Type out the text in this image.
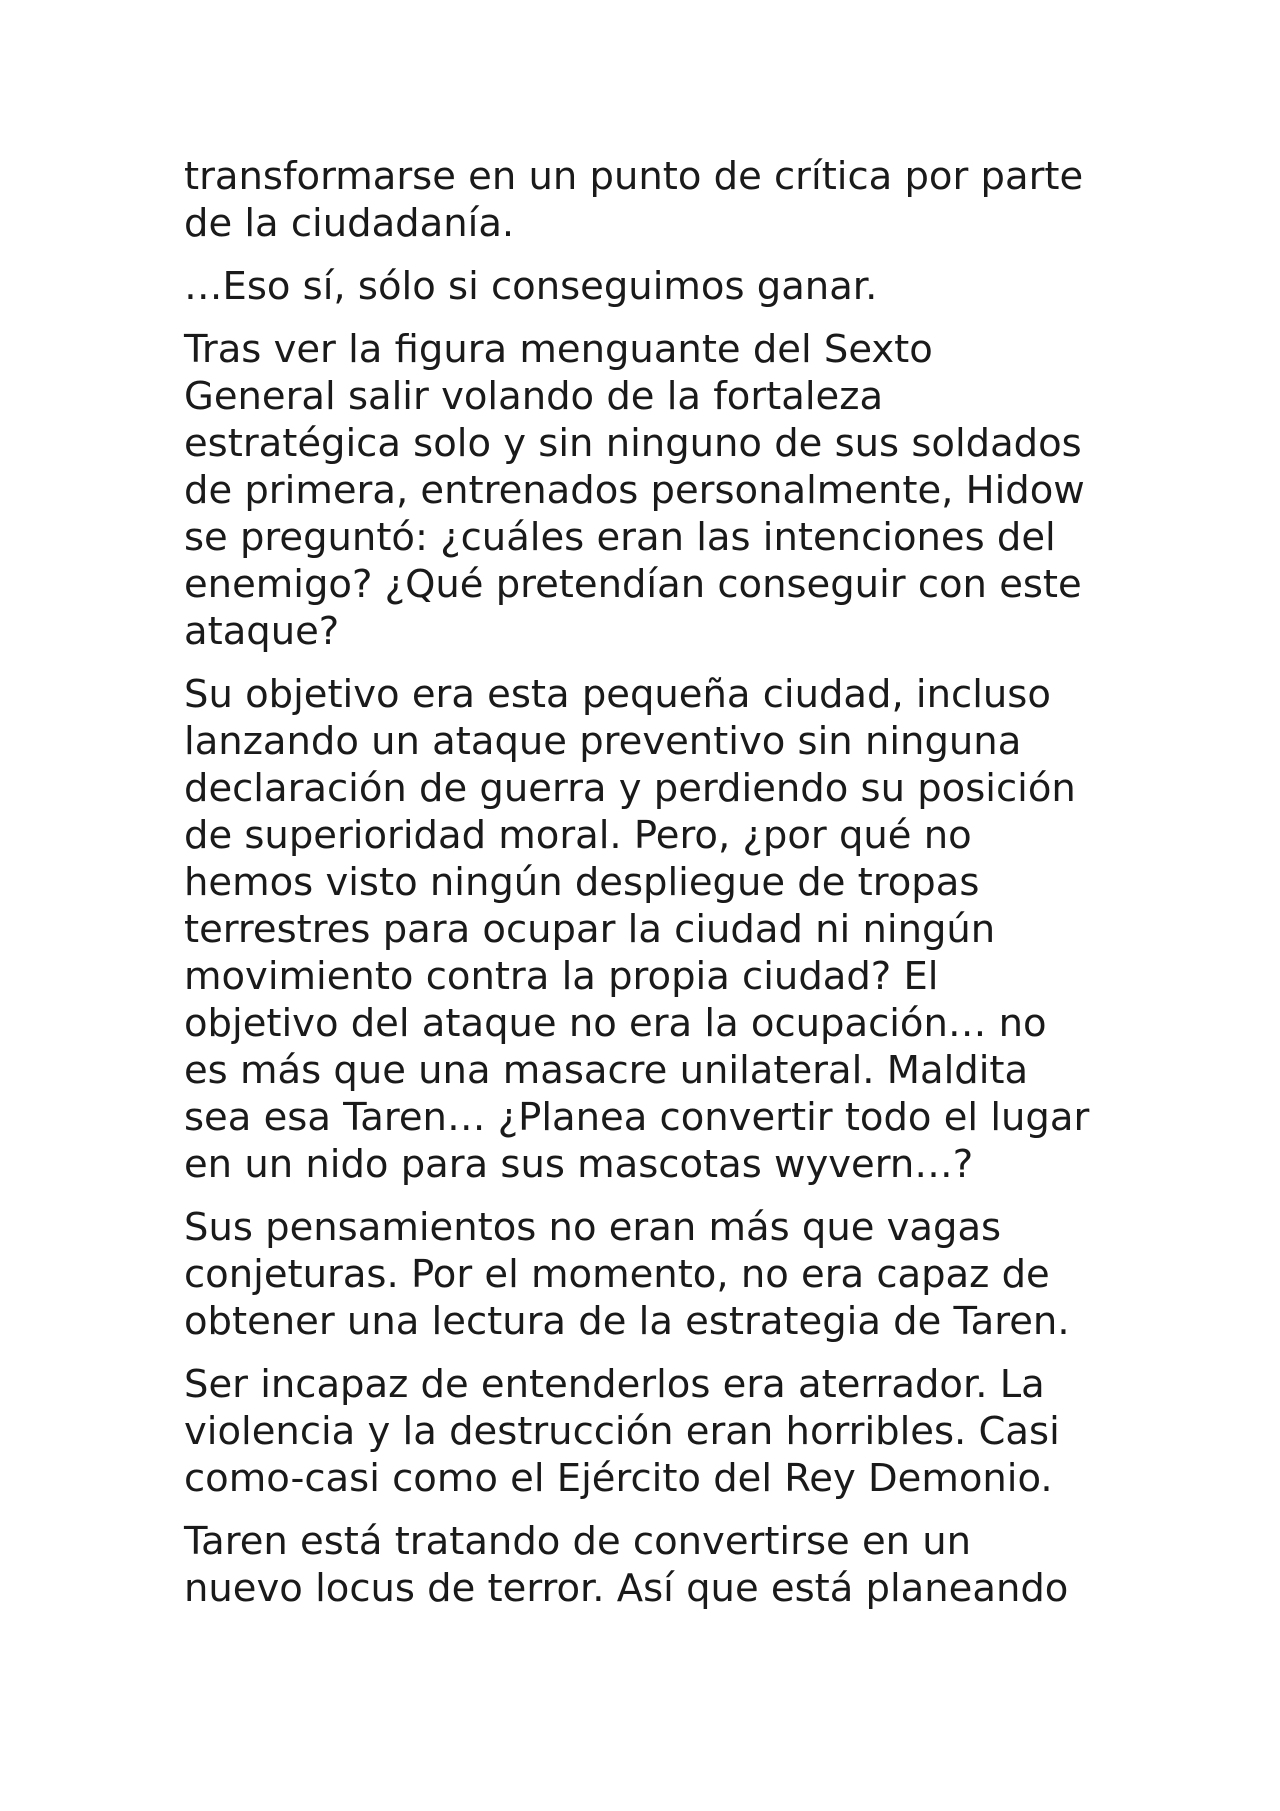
transformarse en un punto de crítica por parte
de la ciudadanía.

…Eso sí, sólo si conseguimos ganar.

Tras ver la figura menguante del Sexto
General salir volando de la fortaleza
estratégica solo y sin ninguno de sus soldados
de primera, entrenados personalmente, Hidow
se preguntó: ¿cuáles eran las intenciones del
enemigo? ¿Qué pretendían conseguir con este
ataque?

Su objetivo era esta pequeña ciudad, incluso
lanzando un ataque preventivo sin ninguna
declaración de guerra y perdiendo su posición
de superioridad moral. Pero, ¿por qué no
hemos visto ningún despliegue de tropas
terrestres para ocupar la ciudad ni ningún
movimiento contra la propia ciudad? El
objetivo del ataque no era la ocupación… no
es más que una masacre unilateral. Maldita
sea esa Taren… ¿Planea convertir todo el lugar
en un nido para sus mascotas wyvern…?

Sus pensamientos no eran más que vagas
conjeturas. Por el momento, no era capaz de
obtener una lectura de la estrategia de Taren.

Ser incapaz de entenderlos era aterrador. La
violencia y la destrucción eran horribles. Casi
como-casi como el Ejército del Rey Demonio.

Taren está tratando de convertirse en un
nuevo locus de terror. Así que está planeando
